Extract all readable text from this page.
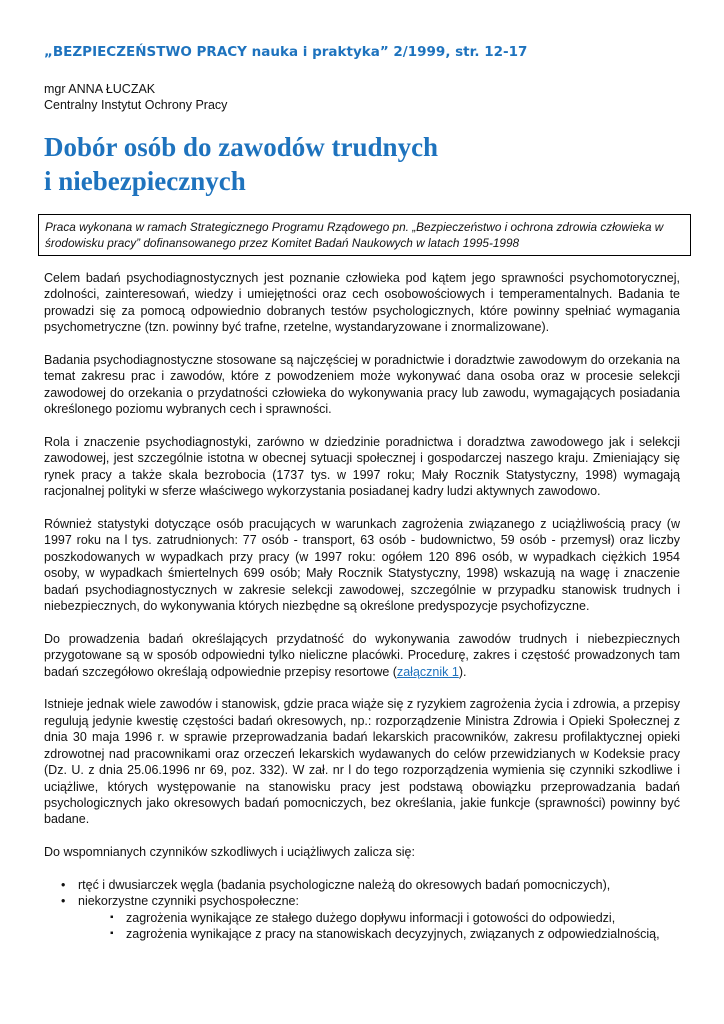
„BEZPIECZEŃSTWO PRACY nauka i praktyka” 2/1999, str. 12-17
mgr ANNA ŁUCZAK
Centralny Instytut Ochrony Pracy
Dobór osób do zawodów trudnych
i niebezpiecznych
Praca wykonana w ramach Strategicznego Programu Rządowego pn. „Bezpieczeństwo i ochrona zdrowia człowieka w środowisku pracy” dofinansowanego przez Komitet Badań Naukowych w latach 1995-1998

Celem badań psychodiagnostycznych jest poznanie człowieka pod kątem jego sprawności psychomotorycznej, zdolności, zainteresowań, wiedzy i umiejętności oraz cech osobowościowych i temperamentalnych. Badania te prowadzi się za pomocą odpowiednio dobranych testów psychologicznych, które powinny spełniać wymagania psychometryczne (tzn. powinny być trafne, rzetelne, wystandaryzowane i znormalizowane).

Badania psychodiagnostyczne stosowane są najczęściej w poradnictwie i doradztwie zawodowym do orzekania na temat zakresu prac i zawodów, które z powodzeniem może wykonywać dana osoba oraz w procesie selekcji zawodowej do orzekania o przydatności człowieka do wykonywania pracy lub zawodu, wymagających posiadania określonego poziomu wybranych cech i sprawności.

Rola i znaczenie psychodiagnostyki, zarówno w dziedzinie poradnictwa i doradztwa zawodowego jak i selekcji zawodowej, jest szczególnie istotna w obecnej sytuacji społecznej i gospodarczej naszego kraju. Zmieniający się rynek pracy a także skala bezrobocia (1737 tys. w 1997 roku; Mały Rocznik Statystyczny, 1998) wymagają racjonalnej polityki w sferze właściwego wykorzystania posiadanej kadry ludzi aktywnych zawodowo.

Również statystyki dotyczące osób pracujących w warunkach zagrożenia związanego z uciążliwością pracy (w 1997 roku na l tys. zatrudnionych: 77 osób - transport, 63 osób - budownictwo, 59 osób - przemysł) oraz liczby poszkodowanych w wypadkach przy pracy (w 1997 roku: ogółem 120 896 osób, w wypadkach ciężkich 1954 osoby, w wypadkach śmiertelnych 699 osób; Mały Rocznik Statystyczny, 1998) wskazują na wagę i znaczenie badań psychodiagnostycznych w zakresie selekcji zawodowej, szczególnie w przypadku stanowisk trudnych i niebezpiecznych, do wykonywania których niezbędne są określone predyspozycje psychofizyczne.

Do prowadzenia badań określających przydatność do wykonywania zawodów trudnych i niebezpiecznych przygotowane są w sposób odpowiedni tylko nieliczne placówki. Procedurę, zakres i częstość prowadzonych tam badań szczegółowo określają odpowiednie przepisy resortowe (załącznik 1).

Istnieje jednak wiele zawodów i stanowisk, gdzie praca wiąże się z ryzykiem zagrożenia życia i zdrowia, a przepisy regulują jedynie kwestię częstości badań okresowych, np.: rozporządzenie Ministra Zdrowia i Opieki Społecznej z dnia 30 maja 1996 r. w sprawie przeprowadzania badań lekarskich pracowników, zakresu profilaktycznej opieki zdrowotnej nad pracownikami oraz orzeczeń lekarskich wydawanych do celów przewidzianych w Kodeksie pracy (Dz. U. z dnia 25.06.1996 nr 69, poz. 332). W zał. nr l do tego rozporządzenia wymienia się czynniki szkodliwe i uciążliwe, których występowanie na stanowisku pracy jest podstawą obowiązku przeprowadzania badań psychologicznych jako okresowych badań pomocniczych, bez określania, jakie funkcje (sprawności) powinny być badane.

Do wspomnianych czynników szkodliwych i uciążliwych zalicza się:

• rtęć i dwusiarczek węgla (badania psychologiczne należą do okresowych badań pomocniczych),
• niekorzystne czynniki psychospołeczne:
▪ zagrożenia wynikające ze stałego dużego dopływu informacji i gotowości do odpowiedzi,
▪ zagrożenia wynikające z pracy na stanowiskach decyzyjnych, związanych z odpowiedzialnością,
